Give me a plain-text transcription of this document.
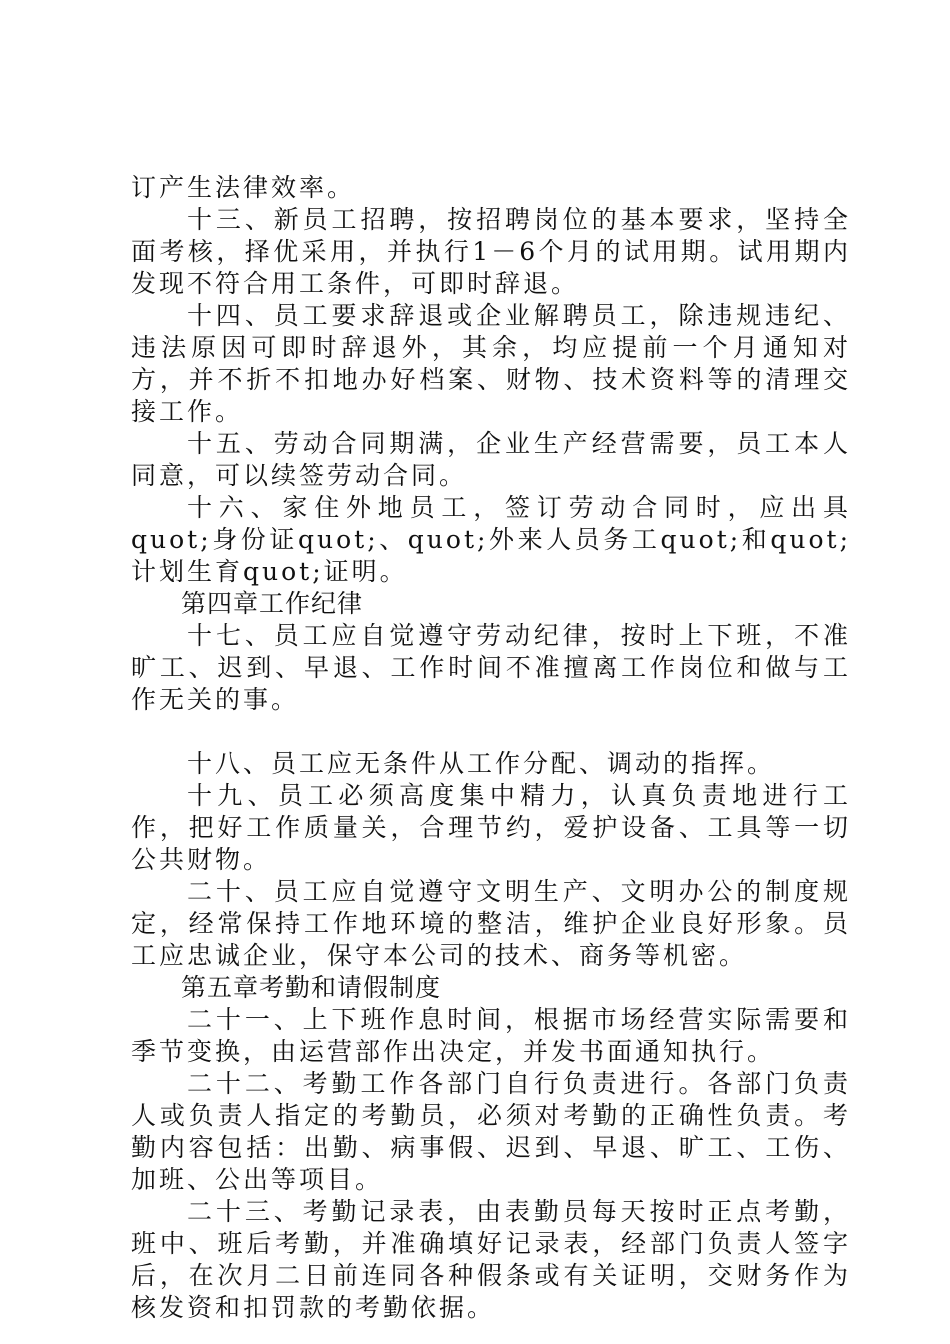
订产生法律效率。

十三、新员工招聘，按招聘岗位的基本要求，坚持全面考核，择优采用，并执行1－6个月的试用期。试用期内发现不符合用工条件，可即时辞退。

十四、员工要求辞退或企业解聘员工，除违规违纪、违法原因可即时辞退外，其余，均应提前一个月通知对方，并不折不扣地办好档案、财物、技术资料等的清理交接工作。

十五、劳动合同期满，企业生产经营需要，员工本人同意，可以续签劳动合同。

十六、家住外地员工，签订劳动合同时，应出具quot;身份证quot;、quot;外来人员务工quot;和quot;计划生育quot;证明。

第四章工作纪律

十七、员工应自觉遵守劳动纪律，按时上下班，不准旷工、迟到、早退、工作时间不准擅离工作岗位和做与工作无关的事。

十八、员工应无条件从工作分配、调动的指挥。

十九、员工必须高度集中精力，认真负责地进行工作，把好工作质量关，合理节约，爱护设备、工具等一切公共财物。

二十、员工应自觉遵守文明生产、文明办公的制度规定，经常保持工作地环境的整洁，维护企业良好形象。员工应忠诚企业，保守本公司的技术、商务等机密。

第五章考勤和请假制度

二十一、上下班作息时间，根据市场经营实际需要和季节变换，由运营部作出决定，并发书面通知执行。

二十二、考勤工作各部门自行负责进行。各部门负责人或负责人指定的考勤员，必须对考勤的正确性负责。考勤内容包括：出勤、病事假、迟到、早退、旷工、工伤、加班、公出等项目。

二十三、考勤记录表，由表勤员每天按时正点考勤，班中、班后考勤，并准确填好记录表，经部门负责人签字后，在次月二日前连同各种假条或有关证明，交财务作为核发资和扣罚款的考勤依据。
